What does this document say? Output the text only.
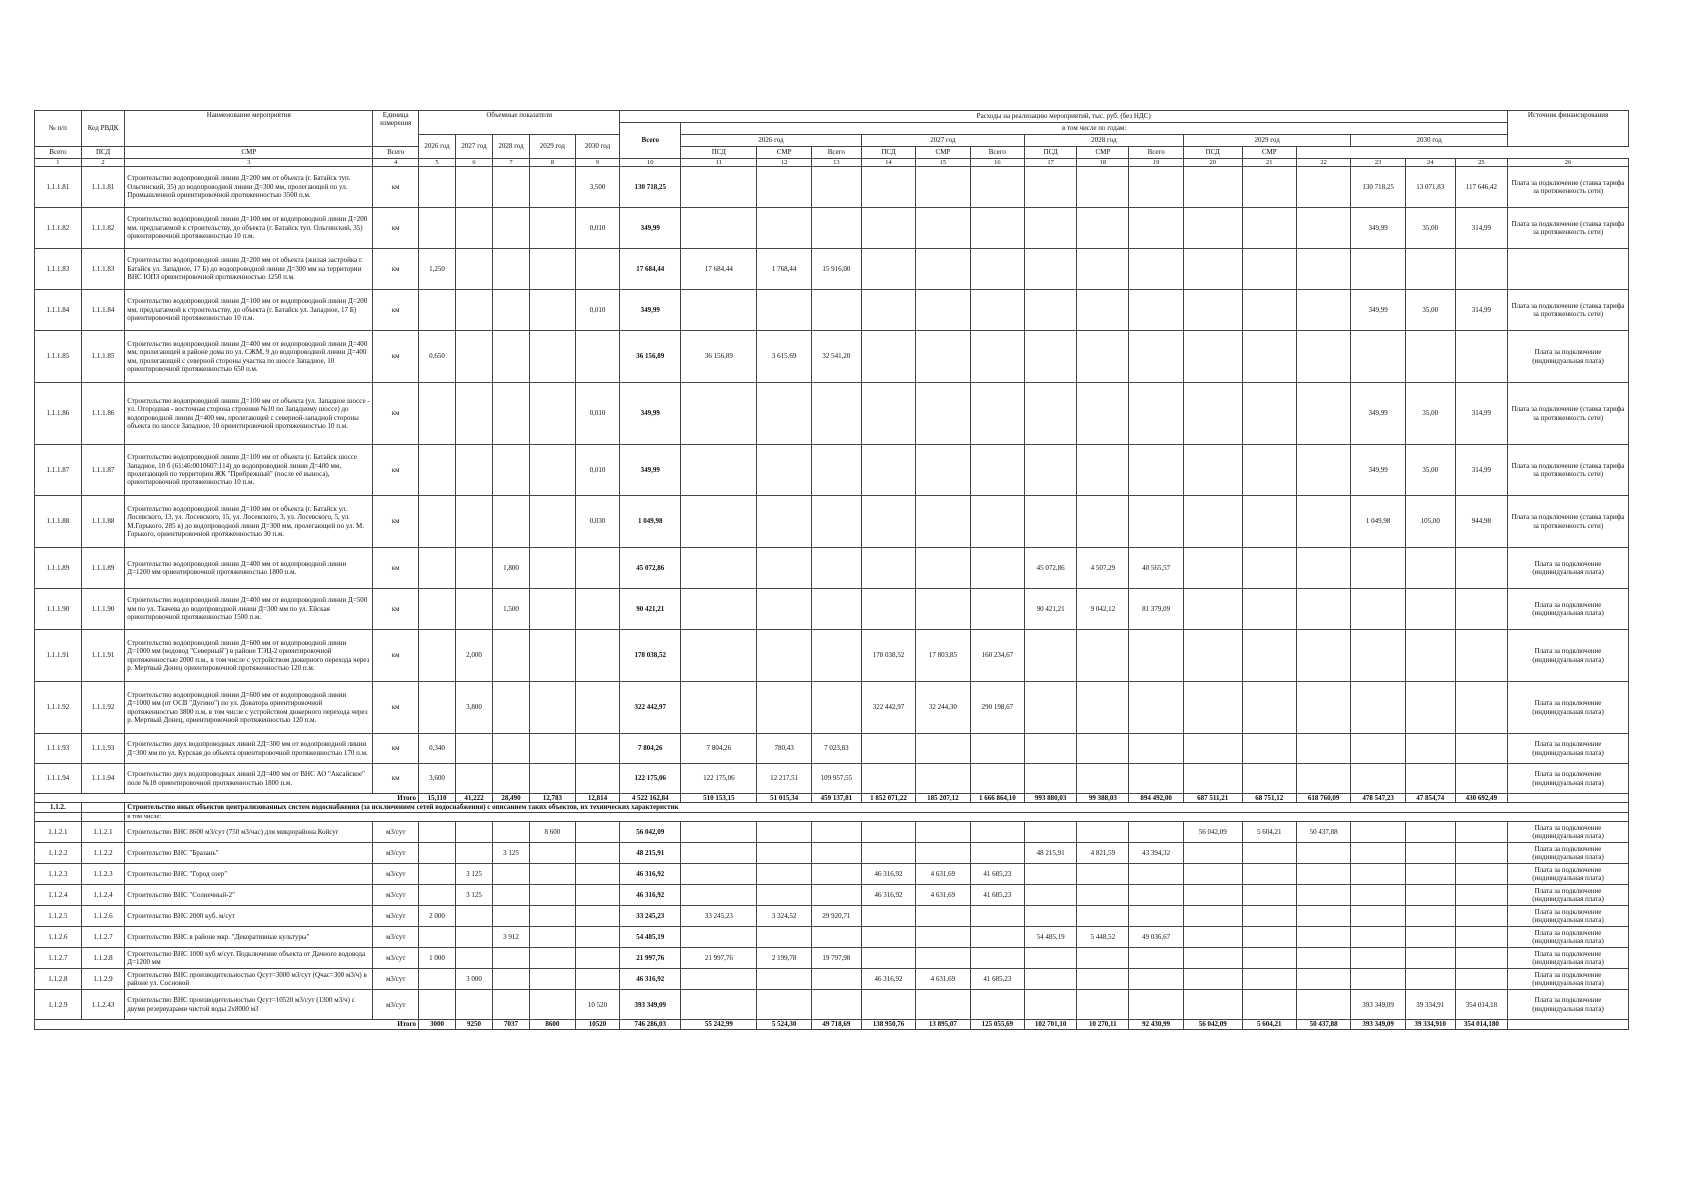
№ п/п	Код РВДК	Наименование мероприятия	Единица измерения	Объемные показатели					Расходы на реализацию мероприятий, тыс. руб. (без НДС)																Источник финансирования
									Всего	в том числе по годам:															
				2026 год	2027 год	2028 год	2029 год	2030 год		2026 год			2027 год			2028 год			2029 год			2030 год			
Всего	ПСД	СМР	Всего							ПСД	СМР	Всего	ПСД	СМР	Всего	ПСД	СМР	Всего	ПСД	СМР					
1	2	3	4	5	6	7	8	9	10	11	12	13	14	15	16	17	18	19	20	21	22	23	24	25	26
1.1.1.81	1.1.1.81	Строительство водопроводной линии Д=200 мм от объекта (г. Батайск туп. Ольгинский, 35) до водопроводной линии Д=300 мм, пролегающей по ул. Промышленной ориентировочной протяженностью 3500 п.м.	км					3,500	130 718,25													130 718,25	13 071,83	117 646,42	Плата за подключение (ставка тарифа за протяженность сети)
1.1.1.82	1.1.1.82	Строительство водопроводной линии Д=100 мм от водопроводной линии Д=200 мм, предлагаемой к строительству, до объекта (г. Батайск туп. Ольгинский, 35) ориентировочной протяженностью 10 п.м.	км					0,010	349,99													349,99	35,00	314,99	Плата за подключение (ставка тарифа за протяженность сети)
1.1.1.83	1.1.1.83	Строительство водопроводной линии Д=200 мм от объекта (жилая застройка г. Батайск ул. Западное, 17 Б) до водопроводной линии Д=300 мм на территории ВНС ЮПЗ ориентировочной протяженностью 1250 п.м.	км	1,250					17 684,44	17 684,44	1 768,44	15 916,00													
1.1.1.84	1.1.1.84	Строительство водопроводной линии Д=100 мм от водопроводной линии Д=200 мм, предлагаемой к строительству, до объекта (г. Батайск ул. Западное, 17 Б) ориентировочной протяженностью 10 п.м.	км					0,010	349,99													349,99	35,00	314,99	Плата за подключение (ставка тарифа за протяженность сети)
1.1.1.85	1.1.1.85	Строительство водопроводной линии Д=400 мм от водопроводной линии Д=400 мм, пролегающей в районе дома по ул. СЖМ, 9 до водопроводной линии Д=400 мм, пролегающей с северной стороны участка по шоссе Западное, 10 ориентировочной протяженностью 650 п.м.	км	0,650					36 156,89	36 156,89	3 615,69	32 541,20													Плата за подключение (индивидуальная плата)
1.1.1.86	1.1.1.86	Строительство водопроводной линии Д=100 мм от объекта (ул. Западное шоссе - ул. Огородная - восточная сторона строения №10 по Западному шоссе) до водопроводной линии Д=400 мм, пролегающей с северной-западной стороны объекта по шоссе Западное, 10 ориентировочной протяженностью 10 п.м.	км					0,010	349,99													349,99	35,00	314,99	Плата за подключение (ставка тарифа за протяженность сети)
1.1.1.87	1.1.1.87	Строительство водопроводной линии Д=100 мм от объекта (г. Батайск шоссе Западное, 10 б (61:46:0010607:114) до водопроводной линии Д=400 мм, пролегающей по территории ЖК "Прибрежный" (после её выноса), ориентировочной протяженностью 10 п.м.	км					0,010	349,99													349,99	35,00	314,99	Плата за подключение (ставка тарифа за протяженность сети)
1.1.1.88	1.1.1.88	Строительство водопроводной линии Д=100 мм от объекта (г. Батайск ул. Лосевского, 13, ул. Лосевского, 15, ул. Лосевского, 3, ул. Лосевского, 5, ул. М.Горького, 285 в) до водопроводной линии Д=300 мм, пролегающей по ул. М. Горького, ориентировочной протяженностью 30 п.м.	км					0,030	1 049,98													1 049,98	105,00	944,98	Плата за подключение (ставка тарифа за протяженность сети)
1.1.1.89	1.1.1.89	Строительство водопроводной линии Д=400 мм от водопроводной линии Д=1200 мм ориентировочной протяженностью 1800 п.м.	км			1,800			45 072,86							45 072,86	4 507,29	40 565,57							Плата за подключение (индивидуальная плата)
1.1.1.90	1.1.1.90	Строительство водопроводной линии Д=400 мм от водопроводной линии Д=500 мм по ул. Ткачева до водопроводной линии Д=300 мм по ул. Ейская ориентировочной протяженностью 1500 п.м.	км			1,500			90 421,21							90 421,21	9 042,12	81 379,09							Плата за подключение (индивидуальная плата)
1.1.1.91	1.1.1.91	Строительство водопроводной линии Д=600 мм от водопроводной линии Д=1000 мм (водовод "Северный") в районе ТЭЦ-2 ориентировочной протяженностью 2000 п.м., в том числе с устройством дюкерного перехода через р. Мертвый Донец ориентировочной протяженностью 120 п.м.	км		2,000				178 038,52				178 038,52	17 803,85	160 234,67										Плата за подключение (индивидуальная плата)
1.1.1.92	1.1.1.92	Строительство водопроводной линии Д=600 мм от водопроводной линии Д=1000 мм (от ОСВ "Дугино") по ул. Довaтора ориентировочной протяженностью 3800 п.м, в том числе с устройством дюкерного перехода через р. Мертвый Донец, ориентировочной протяженностью 120 п.м.	км		3,800				322 442,97				322 442,97	32 244,30	290 198,67										Плата за подключение (индивидуальная плата)
1.1.1.93	1.1.1.93	Строительство двух водопроводных линий 2Д=300 мм от водопроводной линии Д=300 мм по ул. Курская до объекта ориентировочной протяженностью 170 п.м.	км	0,340					7 804,26	7 804,26	780,43	7 023,83													Плата за подключение (индивидуальная плата)
1.1.1.94	1.1.1.94	Строительство двух водопроводных линий 2Д=400 мм от ВНС АО "Аксайское" поле №18 ориентировочной протяженностью 1800 п.м.	км	3,600					122 175,06	122 175,06	12 217,51	109 957,55													Плата за подключение (индивидуальная плата)
Итого				15,110	41,222	28,490	12,783	12,814	4 522 162,84	510 153,15	51 015,34	459 137,81	1 852 071,22	185 207,12	1 666 864,10	993 880,03	99 388,03	894 492,00	687 511,21	68 751,12	618 760,09	478 547,23	47 854,74	430 692,49	
1.1.2.		Строительство иных объектов централизованных систем водоснабжения (за исключением сетей водоснабжения) с описанием таких объектов, их технических характеристик																							
		в том числе:																							
1.1.2.1	1.1.2.1	Строительство ВНС 8600 м3/сут (750 м3/час) для микрорайона Койсуг	м3/сут				8 600		56 042,09										56 042,09	5 604,21	50 437,88				Плата за подключение (индивидуальная плата)
1.1.2.2	1.1.2.2	Строительство ВНС "Бразань"	м3/сут			3 125			48 215,91							48 215,91	4 821,59	43 394,32							Плата за подключение (индивидуальная плата)
1.1.2.3	1.1.2.3	Строительство ВНС "Город озер"	м3/сут		3 125				46 316,92				46 316,92	4 631,69	41 685,23										Плата за подключение (индивидуальная плата)
1.1.2.4	1.1.2.4	Строительство ВНС "Солнечный-2"	м3/сут		3 125				46 316,92				46 316,92	4 631,69	41 685,23										Плата за подключение (индивидуальная плата)
1.1.2.5	1.1.2.6	Строительство ВНС 2000 куб. м/сут	м3/сут	2 000					33 245,23	33 245,23	3 324,52	29 920,71													Плата за подключение (индивидуальная плата)
1.1.2.6	1.1.2.7	Строительство ВНС в районе мкр. "Декоративные культуры"	м3/сут			3 912			54 485,19							54 485,19	5 448,52	49 036,67							Плата за подключение (индивидуальная плата)
1.1.2.7	1.1.2.8	Строительство ВНС 1000 куб м/сут. Подключение объекта от Дачного водовода Д=1200 мм	м3/сут	1 000					21 997,76	21 997,76	2 199,78	19 797,98													Плата за подключение (индивидуальная плата)
1.1.2.8	1.1.2.9	Строительство ВНС производительностью Qсут=3000 м3/сут (Qчас=300 м3/ч) в районе ул. Сосновой	м3/сут		3 000				46 316,92				46 316,92	4 631,69	41 685,23										Плата за подключение (индивидуальная плата)
1.1.2.9	1.1.2.43	Строительство ВНС производительностью Qсут=10520 м3/сут (1300 м3/ч) с двумя резервуарами чистой воды 2х8000 м3	м3/сут					10 520	393 349,09													393 349,09	39 334,91	354 014,18	Плата за подключение (индивидуальная плата)
Итого				3000	9250	7037	8600	10520	746 286,03	55 242,99	5 524,30	49 718,69	138 950,76	13 895,07	125 055,69	102 701,10	10 270,11	92 430,99	56 042,09	5 604,21	50 437,88	393 349,09	39 334,910	354 014,180	
